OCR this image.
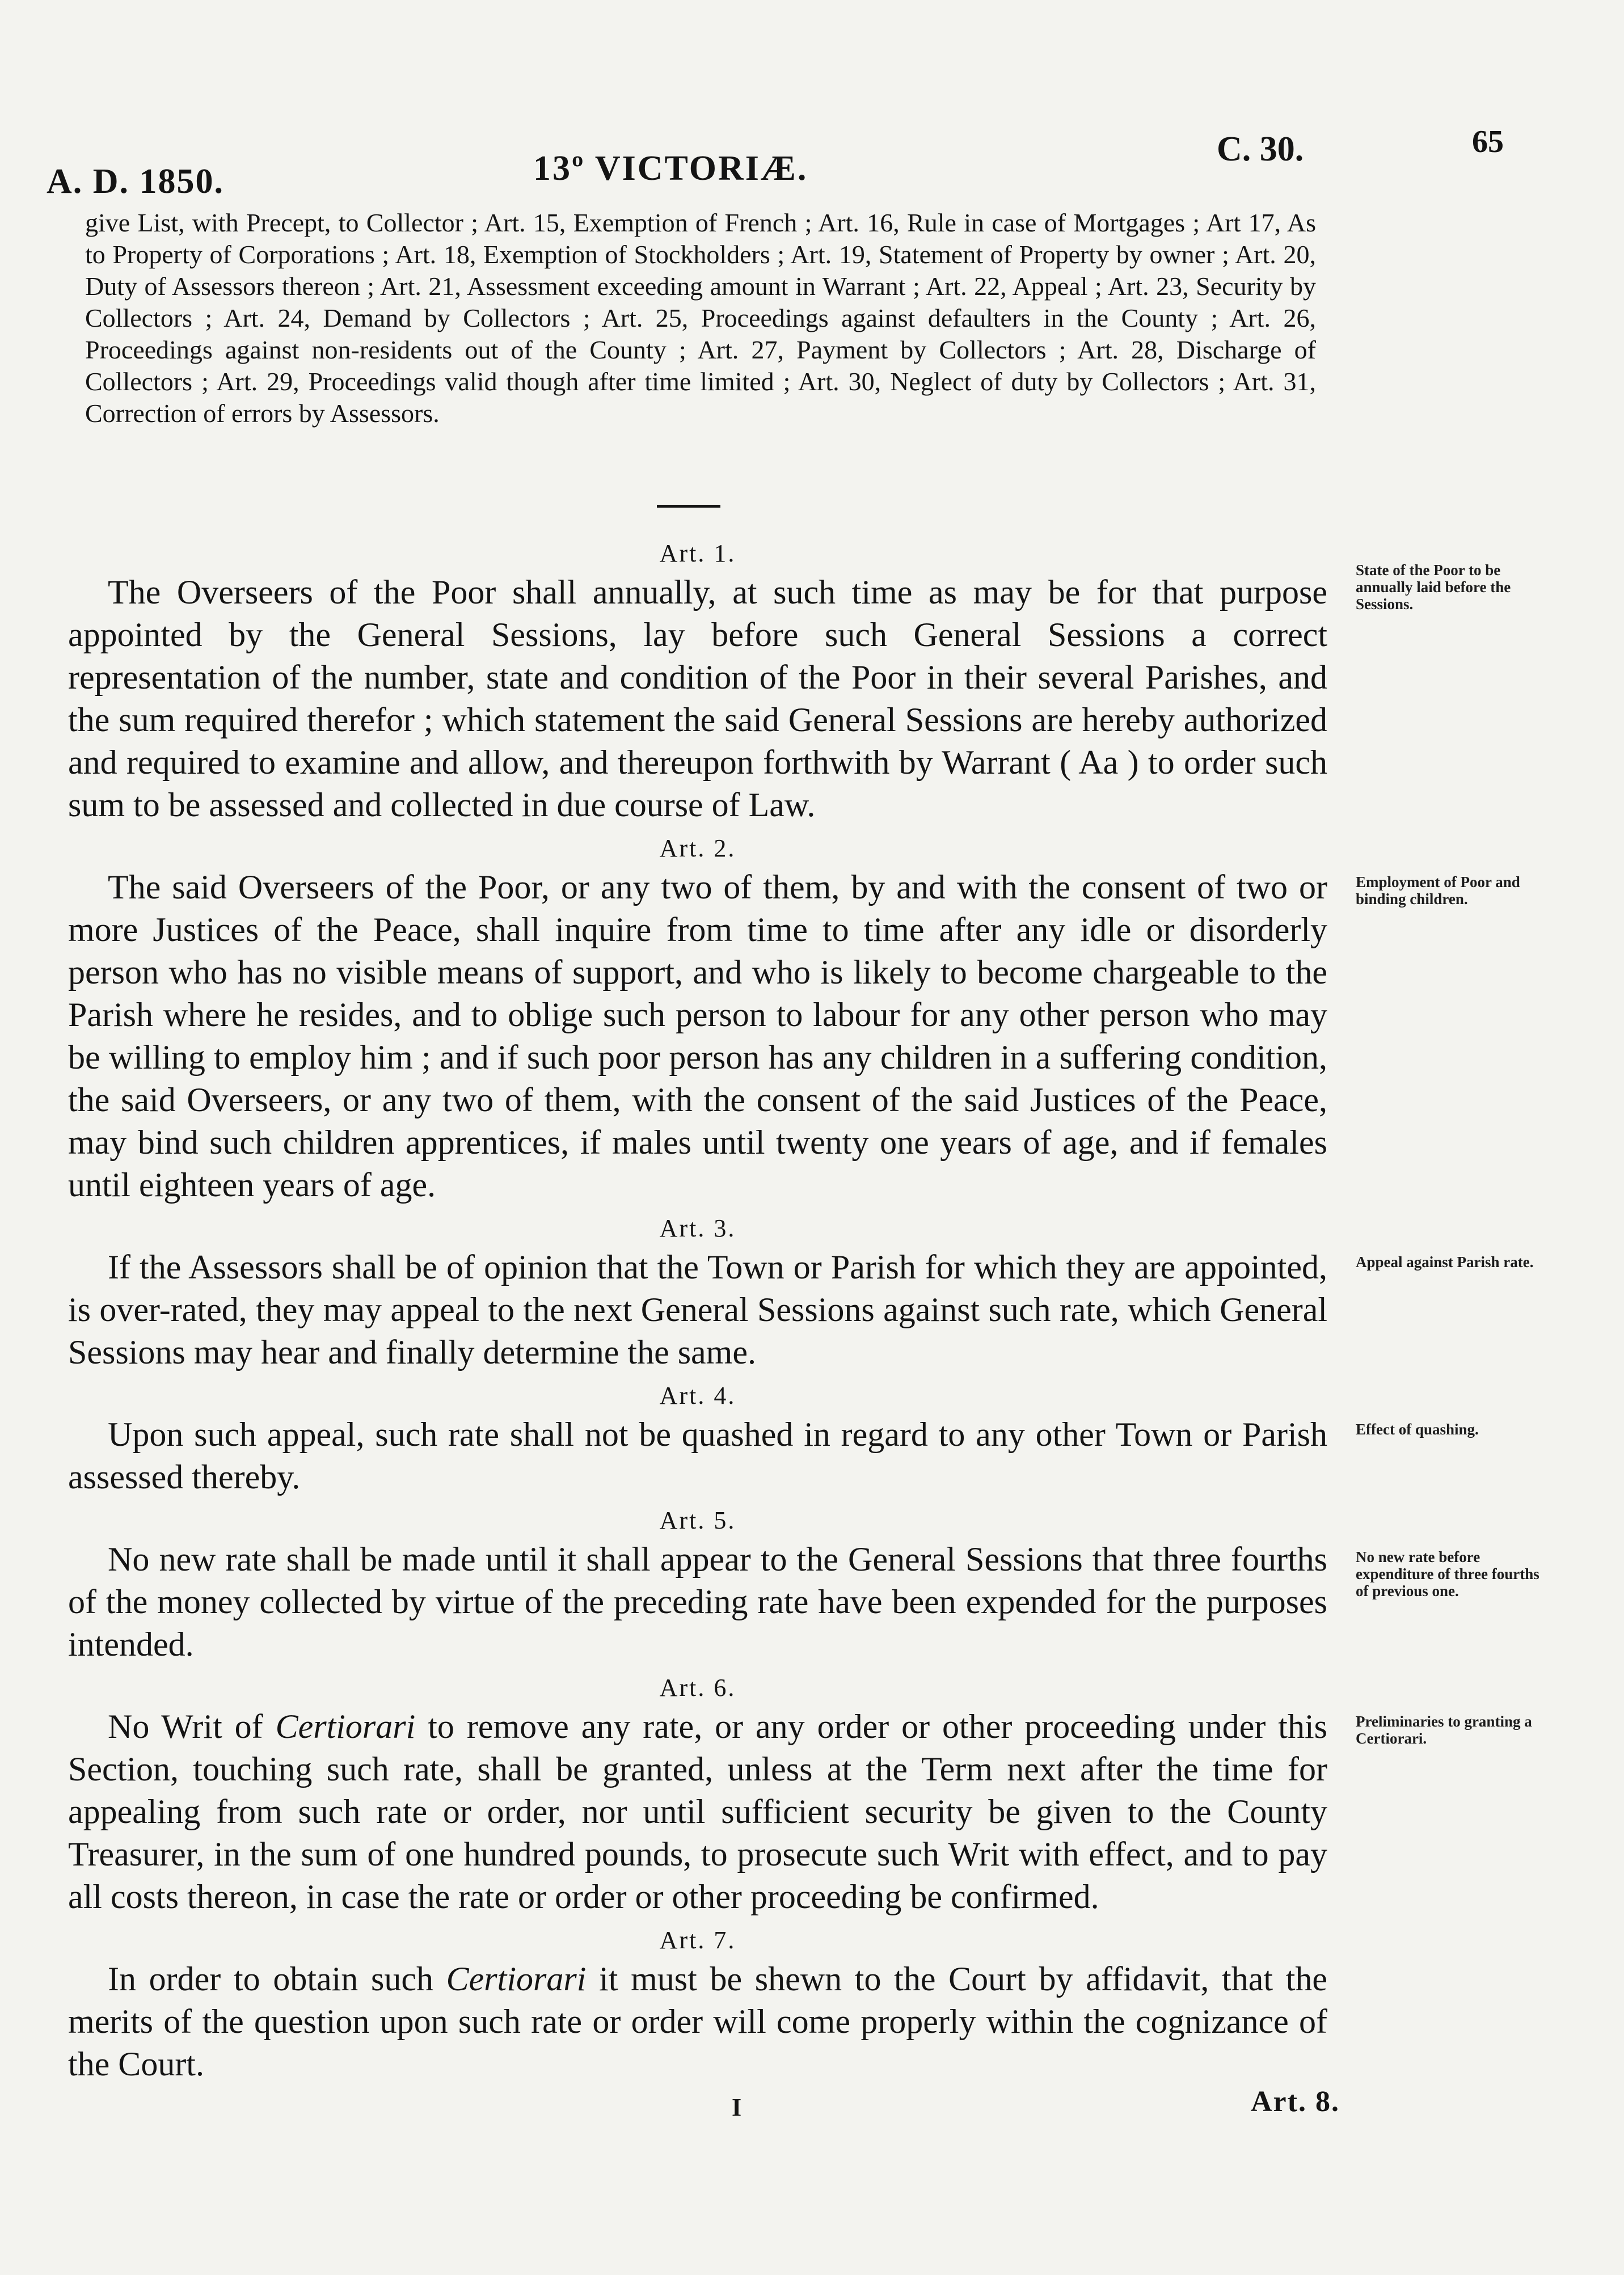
A. D. 1850.	13º VICTORIÆ.	C. 30.	65
give List, with Precept, to Collector ; Art. 15, Exemption of French ; Art. 16, Rule in case of Mortgages ; Art 17, As to Property of Corporations ; Art. 18, Exemption of Stockholders ; Art. 19, Statement of Property by owner ; Art. 20, Duty of Assessors thereon ; Art. 21, Assessment exceeding amount in Warrant ; Art. 22, Appeal ; Art. 23, Security by Collectors ; Art. 24, Demand by Collectors ; Art. 25, Proceedings against defaulters in the County ; Art. 26, Proceedings against non-residents out of the County ; Art. 27, Payment by Collectors ; Art. 28, Discharge of Collectors ; Art. 29, Proceedings valid though after time limited ; Art. 30, Neglect of duty by Collectors ; Art. 31, Correction of errors by Assessors.

Art. 1.

The Overseers of the Poor shall annually, at such time as may be for that purpose appointed by the General Sessions, lay before such General Sessions a correct representation of the number, state and condition of the Poor in their several Parishes, and the sum required therefor ; which statement the said General Sessions are hereby authorized and required to examine and allow, and thereupon forthwith by Warrant ( Aa ) to order such sum to be assessed and collected in due course of Law.

Art. 2.

The said Overseers of the Poor, or any two of them, by and with the consent of two or more Justices of the Peace, shall inquire from time to time after any idle or disorderly person who has no visible means of support, and who is likely to become chargeable to the Parish where he resides, and to oblige such person to labour for any other person who may be willing to employ him ; and if such poor person has any children in a suffering condition, the said Overseers, or any two of them, with the consent of the said Justices of the Peace, may bind such children apprentices, if males until twenty one years of age, and if females until eighteen years of age.

Art. 3.

If the Assessors shall be of opinion that the Town or Parish for which they are appointed, is over-rated, they may appeal to the next General Sessions against such rate, which General Sessions may hear and finally determine the same.

Art. 4.

Upon such appeal, such rate shall not be quashed in regard to any other Town or Parish assessed thereby.

Art. 5.

No new rate shall be made until it shall appear to the General Sessions that three fourths of the money collected by virtue of the preceding rate have been expended for the purposes intended.

Art. 6.

No Writ of Certiorari to remove any rate, or any order or other proceeding under this Section, touching such rate, shall be granted, unless at the Term next after the time for appealing from such rate or order, nor until sufficient security be given to the County Treasurer, in the sum of one hundred pounds, to prosecute such Writ with effect, and to pay all costs thereon, in case the rate or order or other proceeding be confirmed.

Art. 7.

In order to obtain such Certiorari it must be shewn to the Court by affidavit, that the merits of the question upon such rate or order will come properly within the cognizance of the Court.

State of the Poor to be annually laid before the Sessions.
Employment of Poor and binding children.
Appeal against Parish rate.
Effect of quashing.
No new rate before expenditure of three fourths of previous one.
Preliminaries to granting a Certiorari.
I	Art. 8.
